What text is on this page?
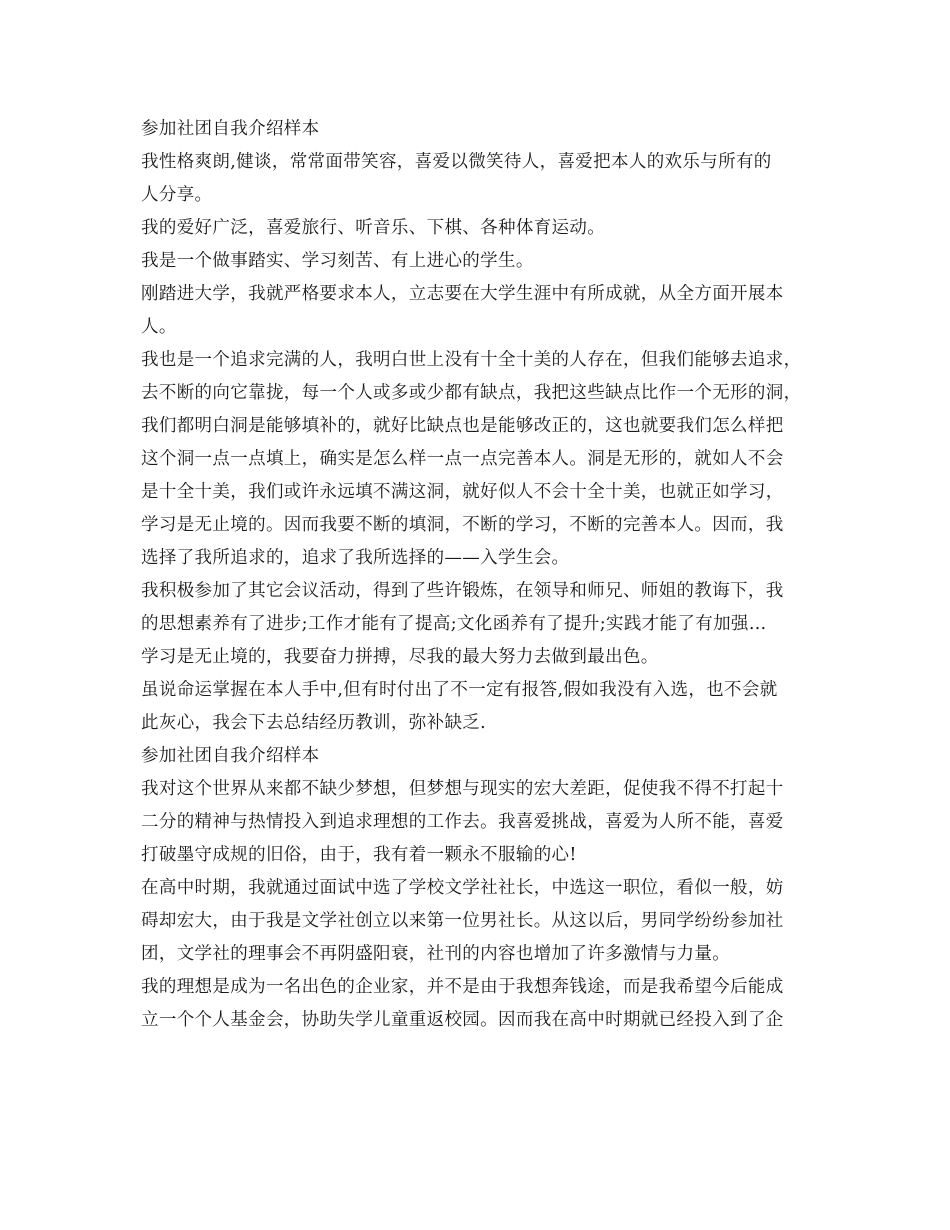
参加社团自我介绍样本
我性格爽朗,健谈，常常面带笑容，喜爱以微笑待人，喜爱把本人的欢乐与所有的
人分享。
我的爱好广泛，喜爱旅行、听音乐、下棋、各种体育运动。
我是一个做事踏实、学习刻苦、有上进心的学生。
刚踏进大学，我就严格要求本人，立志要在大学生涯中有所成就，从全方面开展本
人。
我也是一个追求完满的人，我明白世上没有十全十美的人存在，但我们能够去追求，
去不断的向它靠拢，每一个人或多或少都有缺点，我把这些缺点比作一个无形的洞，
我们都明白洞是能够填补的，就好比缺点也是能够改正的，这也就要我们怎么样把
这个洞一点一点填上，确实是怎么样一点一点完善本人。洞是无形的，就如人不会
是十全十美，我们或许永远填不满这洞，就好似人不会十全十美，也就正如学习，
学习是无止境的。因而我要不断的填洞，不断的学习，不断的完善本人。因而，我
选择了我所追求的，追求了我所选择的——入学生会。
我积极参加了其它会议活动，得到了些许锻炼，在领导和师兄、师姐的教诲下，我
的思想素养有了进步;工作才能有了提高;文化函养有了提升;实践才能了有加强…
学习是无止境的，我要奋力拼搏，尽我的最大努力去做到最出色。
虽说命运掌握在本人手中,但有时付出了不一定有报答,假如我没有入选，也不会就
此灰心，我会下去总结经历教训，弥补缺乏.
参加社团自我介绍样本
我对这个世界从来都不缺少梦想，但梦想与现实的宏大差距，促使我不得不打起十
二分的精神与热情投入到追求理想的工作去。我喜爱挑战，喜爱为人所不能，喜爱
打破墨守成规的旧俗，由于，我有着一颗永不服输的心!
在高中时期，我就通过面试中选了学校文学社社长，中选这一职位，看似一般，妨
碍却宏大，由于我是文学社创立以来第一位男社长。从这以后，男同学纷纷参加社
团，文学社的理事会不再阴盛阳衰，社刊的内容也增加了许多激情与力量。
我的理想是成为一名出色的企业家，并不是由于我想奔钱途，而是我希望今后能成
立一个个人基金会，协助失学儿童重返校园。因而我在高中时期就已经投入到了企
